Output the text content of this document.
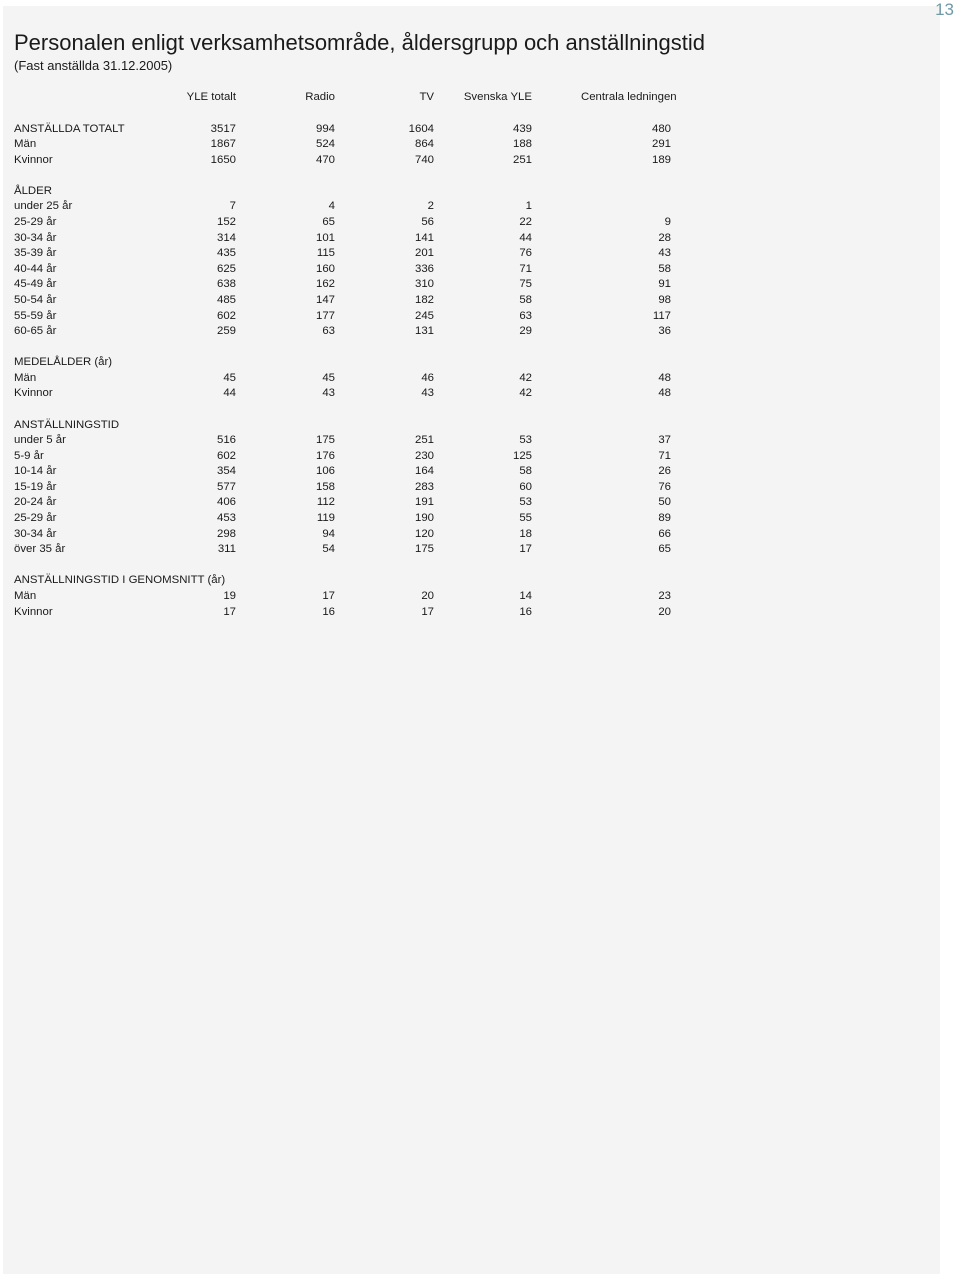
13
Personalen enligt verksamhetsområde, åldersgrupp och anställningstid

(Fast anställda 31.12.2005)

YLE totalt	Radio	TV	Svenska YLE	Centrala ledningen
ANSTÄLLDA TOTALT	3517	994	1604	439	480
Män	1867	524	864	188	291
Kvinnor	1650	470	740	251	189
ÅLDER
under 25 år	7	4	2	1
25-29 år	152	65	56	22	9
30-34 år	314	101	141	44	28
35-39 år	435	115	201	76	43
40-44 år	625	160	336	71	58
45-49 år	638	162	310	75	91
50-54 år	485	147	182	58	98
55-59 år	602	177	245	63	117
60-65 år	259	63	131	29	36
MEDELÅLDER (år)
Män	45	45	46	42	48
Kvinnor	44	43	43	42	48
ANSTÄLLNINGSTID
under 5 år	516	175	251	53	37
5-9 år	602	176	230	125	71
10-14 år	354	106	164	58	26
15-19 år	577	158	283	60	76
20-24 år	406	112	191	53	50
25-29 år	453	119	190	55	89
30-34 år	298	94	120	18	66
över 35 år	311	54	175	17	65
ANSTÄLLNINGSTID I GENOMSNITT (år)
Män	19	17	20	14	23
Kvinnor	17	16	17	16	20
